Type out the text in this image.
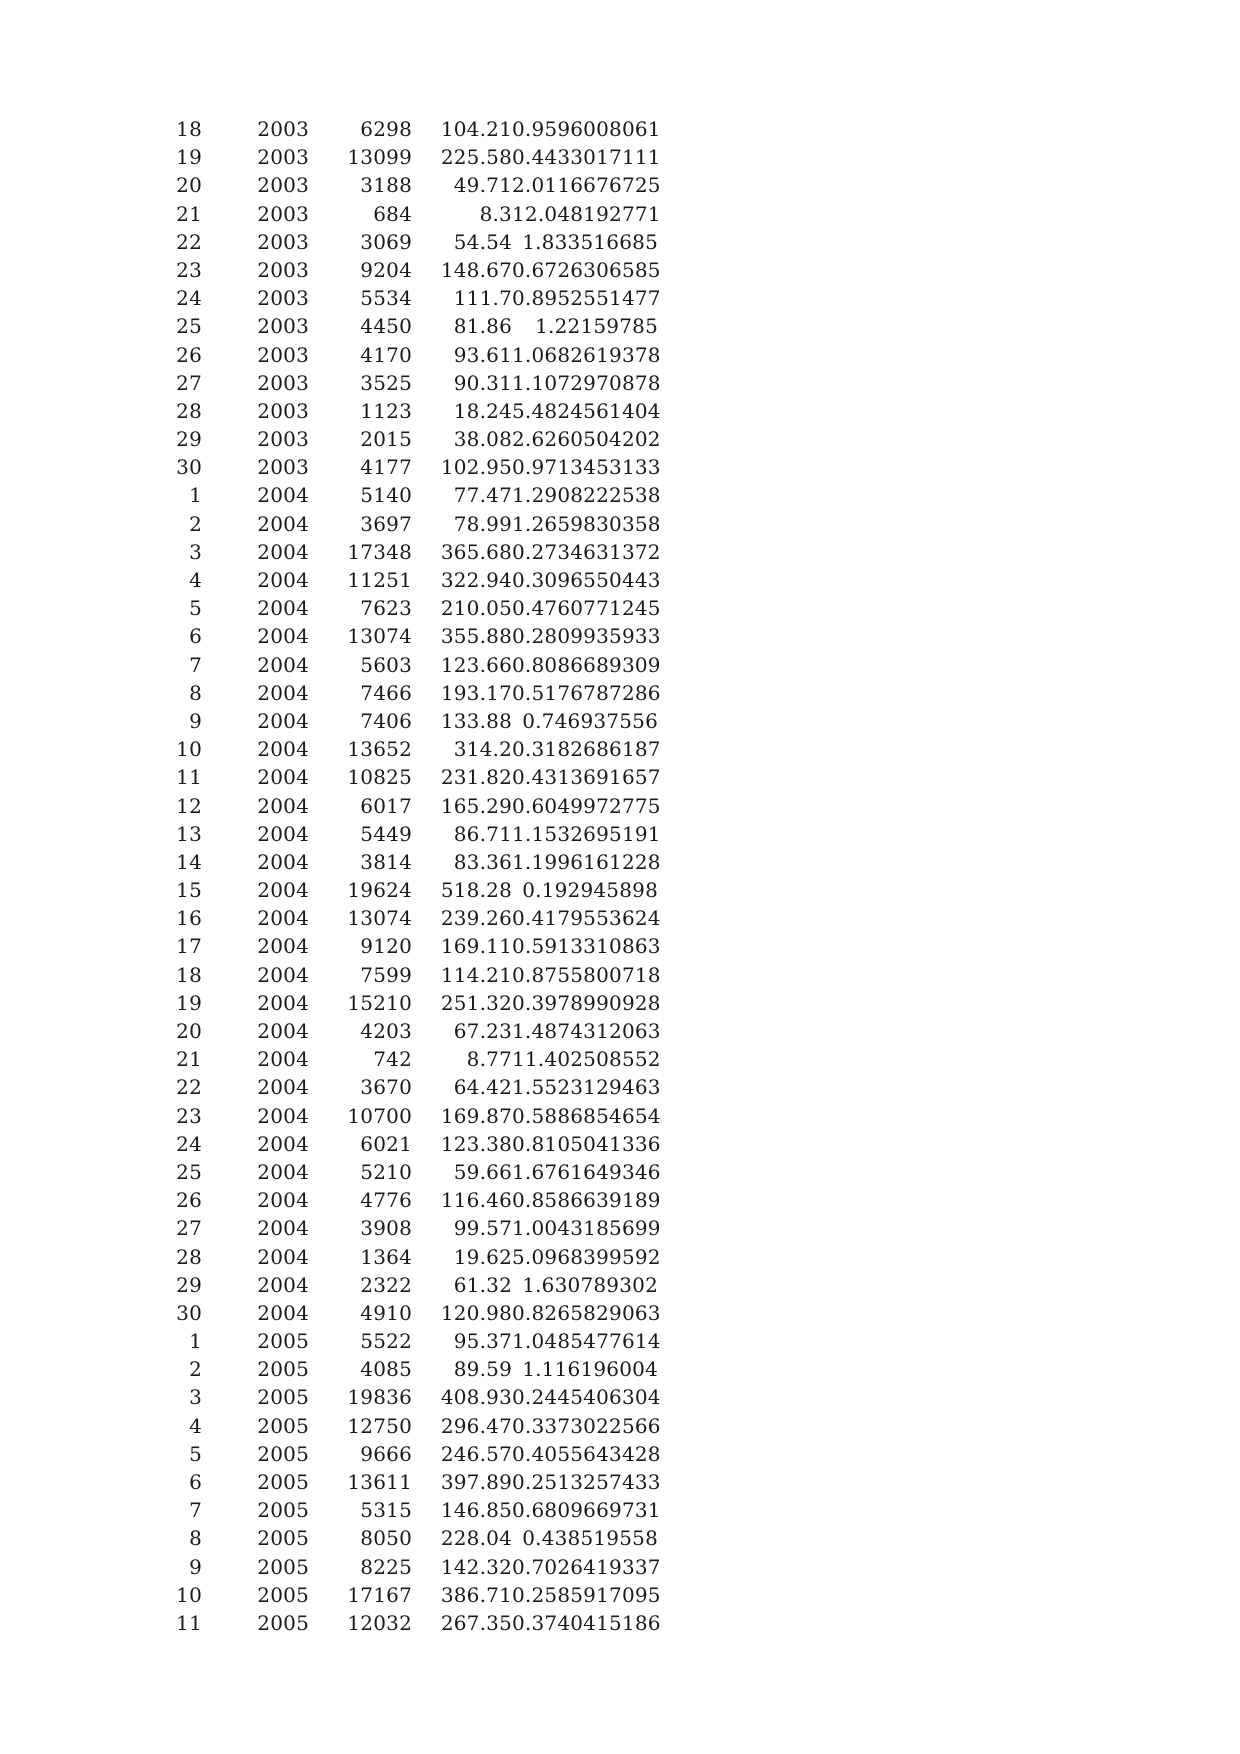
18	2003	6298	104.21 0.9596008061
19	2003	13099	225.58 0.4433017111
20	2003	3188	49.71 2.0116676725
21	2003	684	8.3 12.048192771
22	2003	3069	54.54 1.833516685
23	2003	9204	148.67 0.6726306585
24	2003	5534	111.7 0.8952551477
25	2003	4450	81.86	1.22159785
26	2003	4170	93.61 1.0682619378
27	2003	3525	90.31 1.1072970878
28	2003	1123	18.24 5.4824561404
29	2003	2015	38.08 2.6260504202
30	2003	4177	102.95 0.9713453133
1	2004	5140	77.47 1.2908222538
2	2004	3697	78.99 1.2659830358
3	2004	17348	365.68 0.2734631372
4	2004	11251	322.94 0.3096550443
5	2004	7623	210.05 0.4760771245
6	2004	13074	355.88 0.2809935933
7	2004	5603	123.66 0.8086689309
8	2004	7466	193.17 0.5176787286
9	2004	7406	133.88 0.746937556
10	2004	13652	314.2 0.3182686187
11	2004	10825	231.82 0.4313691657
12	2004	6017	165.29 0.6049972775
13	2004	5449	86.71 1.1532695191
14	2004	3814	83.36 1.1996161228
15	2004	19624	518.28 0.192945898
16	2004	13074	239.26 0.4179553624
17	2004	9120	169.11 0.5913310863
18	2004	7599	114.21 0.8755800718
19	2004	15210	251.32 0.3978990928
20	2004	4203	67.23 1.4874312063
21	2004	742	8.77 11.402508552
22	2004	3670	64.42 1.5523129463
23	2004	10700	169.87 0.5886854654
24	2004	6021	123.38 0.8105041336
25	2004	5210	59.66 1.6761649346
26	2004	4776	116.46 0.8586639189
27	2004	3908	99.57 1.0043185699
28	2004	1364	19.62 5.0968399592
29	2004	2322	61.32 1.630789302
30	2004	4910	120.98 0.8265829063
1	2005	5522	95.37 1.0485477614
2	2005	4085	89.59 1.116196004
3	2005	19836	408.93 0.2445406304
4	2005	12750	296.47 0.3373022566
5	2005	9666	246.57 0.4055643428
6	2005	13611	397.89 0.2513257433
7	2005	5315	146.85 0.6809669731
8	2005	8050	228.04 0.438519558
9	2005	8225	142.32 0.7026419337
10	2005	17167	386.71 0.2585917095
11	2005	12032	267.35 0.3740415186
